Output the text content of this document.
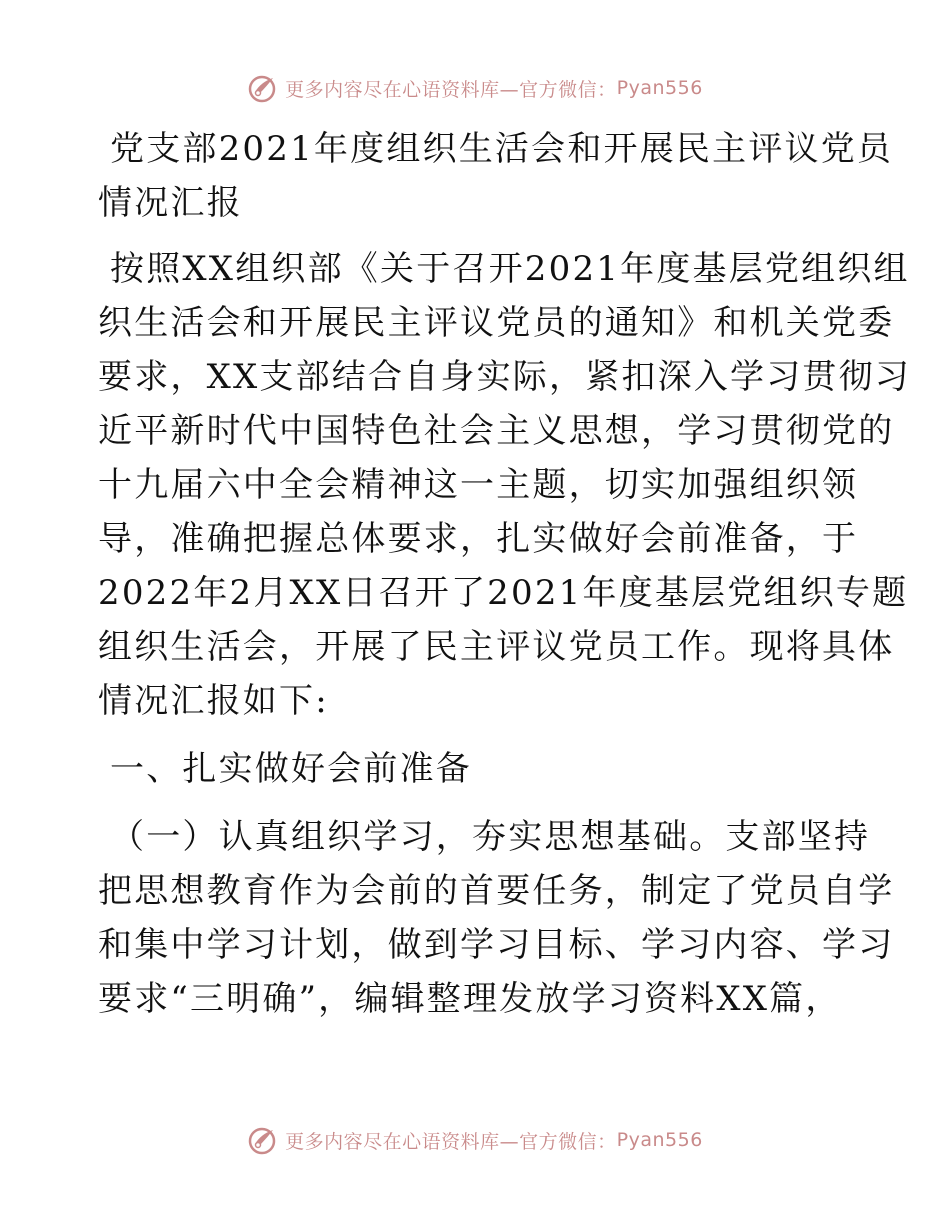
更多内容尽在心语资料库—官方微信： Pyan556
党支部2021年度组织生活会和开展民主评议党员
情况汇报
按照XX组织部《关于召开2021年度基层党组织组
织生活会和开展民主评议党员的通知》和机关党委
要求，XX支部结合自身实际，紧扣深入学习贯彻习
近平新时代中国特色社会主义思想，学习贯彻党的
十九届六中全会精神这一主题，切实加强组织领
导，准确把握总体要求，扎实做好会前准备，于
2022年2月XX日召开了2021年度基层党组织专题
组织生活会，开展了民主评议党员工作。现将具体
情况汇报如下:
一、扎实做好会前准备
（一）认真组织学习，夯实思想基础。支部坚持
把思想教育作为会前的首要任务，制定了党员自学
和集中学习计划，做到学习目标、学习内容、学习
要求“三明确”，编辑整理发放学习资料XX篇，
更多内容尽在心语资料库—官方微信： Pyan556
